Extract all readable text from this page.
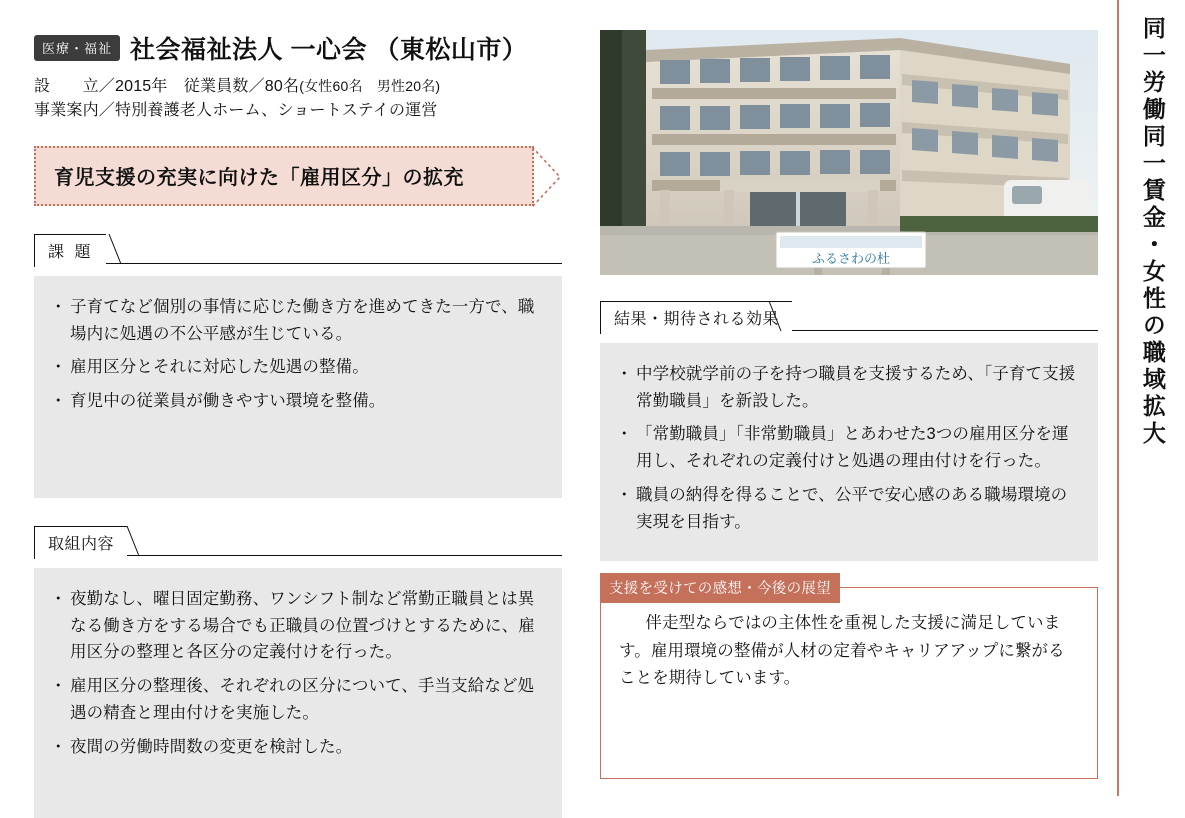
医療・福祉 社会福祉法人 一心会 （東松山市）
設　　立／2015年　従業員数／80名(女性60名　男性20名)
事業案内／特別養護老人ホーム、ショートステイの運営
育児支援の充実に向けた「雇用区分」の拡充
課 題
・ 子育てなど個別の事情に応じた働き方を進めてきた一方で、職場内に処遇の不公平感が生じている。
・ 雇用区分とそれに対応した処遇の整備。
・ 育児中の従業員が働きやすい環境を整備。
取組内容
・ 夜勤なし、曜日固定勤務、ワンシフト制など常勤正職員とは異なる働き方をする場合でも正職員の位置づけとするために、雇用区分の整理と各区分の定義付けを行った。
・ 雇用区分の整理後、それぞれの区分について、手当支給など処遇の精査と理由付けを実施した。
・ 夜間の労働時間数の変更を検討した。
ふるさわの杜
結果・期待される効果
・ 中学校就学前の子を持つ職員を支援するため、「子育て支援常勤職員」を新設した。
・ 「常勤職員」「非常勤職員」とあわせた3つの雇用区分を運用し、それぞれの定義付けと処遇の理由付けを行った。
・ 職員の納得を得ることで、公平で安心感のある職場環境の実現を目指す。
伴走型ならではの主体性を重視した支援に満足しています。雇用環境の整備が人材の定着やキャリアアップに繋がることを期待しています。
支援を受けての感想・今後の展望
同一労働同一賃金・女性の職域拡大
